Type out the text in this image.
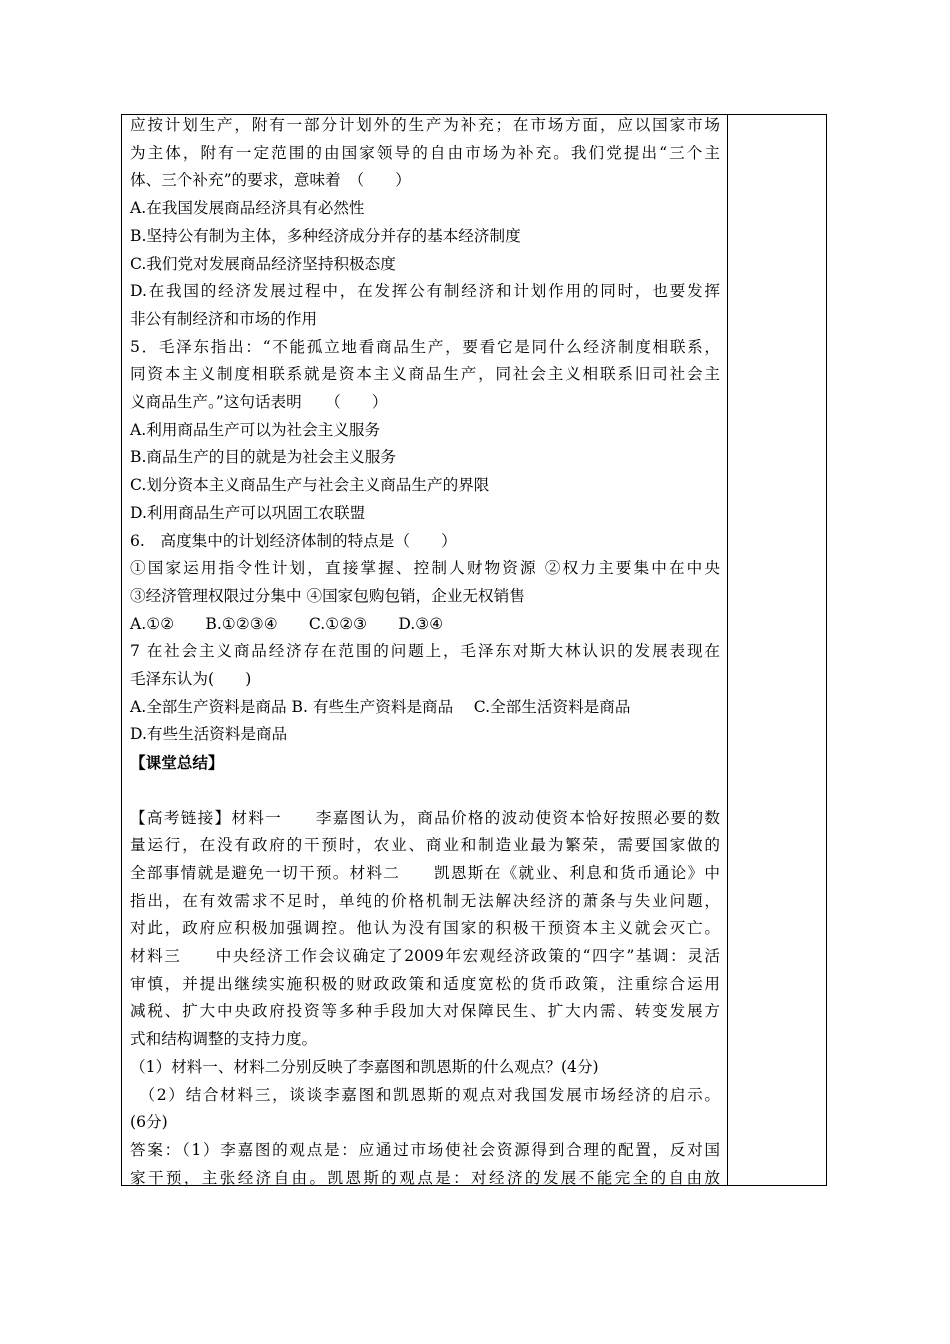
应按计划生产，附有一部分计划外的生产为补充；在市场方面，应以国家市场

为主体，附有一定范围的由国家领导的自由市场为补充。我们党提出“三个主

体、三个补充”的要求，意味着　（　　）

A.在我国发展商品经济具有必然性

B.坚持公有制为主体，多种经济成分并存的基本经济制度

C.我们党对发展商品经济坚持积极态度

D.在我国的经济发展过程中，在发挥公有制经济和计划作用的同时，也要发挥

非公有制经济和市场的作用

5．毛泽东指出：“不能孤立地看商品生产，要看它是同什么经济制度相联系，

同资本主义制度相联系就是资本主义商品生产，同社会主义相联系旧司社会主

义商品生产。”这句话表明　　（　　）

A.利用商品生产可以为社会主义服务

B.商品生产的目的就是为社会主义服务

C.划分资本主义商品生产与社会主义商品生产的界限

D.利用商品生产可以巩固工农联盟

6.　高度集中的计划经济体制的特点是（　　）

①国家运用指令性计划，直接掌握、控制人财物资源 ②权力主要集中在中央

③经济管理权限过分集中 ④国家包购包销，企业无权销售

A.①②　　B.①②③④　　C.①②③　　D.③④

7 在社会主义商品经济存在范围的问题上，毛泽东对斯大林认识的发展表现在

毛泽东认为(　　)

A.全部生产资料是商品 B. 有些生产资料是商品　 C.全部生活资料是商品

D.有些生活资料是商品

【课堂总结】

【高考链接】材料一　　李嘉图认为，商品价格的波动使资本恰好按照必要的数

量运行，在没有政府的干预时，农业、商业和制造业最为繁荣，需要国家做的

全部事情就是避免一切干预。材料二　　凯恩斯在《就业、利息和货币通论》中

指出，在有效需求不足时，单纯的价格机制无法解决经济的萧条与失业问题，

对此，政府应积极加强调控。他认为没有国家的积极干预资本主义就会灭亡。

材料三　　中央经济工作会议确定了2009年宏观经济政策的“四字”基调：灵活

审慎，并提出继续实施积极的财政政策和适度宽松的货币政策，注重综合运用

减税、扩大中央政府投资等多种手段加大对保障民生、扩大内需、转变发展方

式和结构调整的支持力度。

（1）材料一、材料二分别反映了李嘉图和凯恩斯的什么观点？(4分)

　（2）结合材料三，谈谈李嘉图和凯恩斯的观点对我国发展市场经济的启示。

(6分)

答案：（1）李嘉图的观点是：应通过市场使社会资源得到合理的配置，反对国

家干预，主张经济自由。凯恩斯的观点是：对经济的发展不能完全的自由放
